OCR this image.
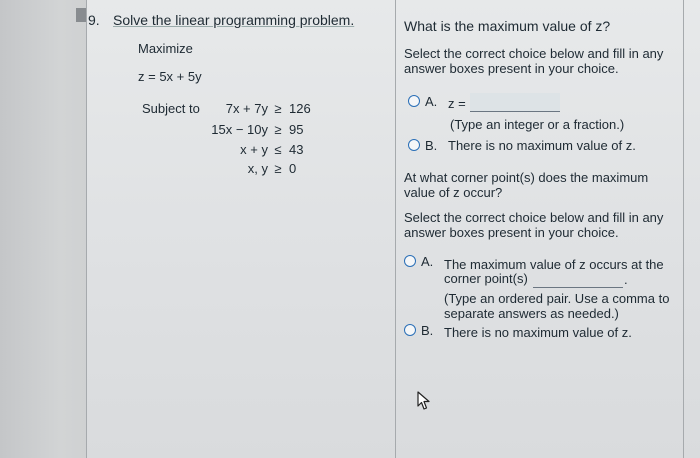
9. Solve the linear programming problem.
Maximize
z = 5x + 5y
Subject to	7x + 7y ≥ 126
15x − 10y ≥ 95
x + y ≤ 43
x, y ≥ 0
What is the maximum value of z?
Select the correct choice below and fill in any answer boxes present in your choice.
A. z =
(Type an integer or a fraction.)
B. There is no maximum value of z.
At what corner point(s) does the maximum value of z occur?
Select the correct choice below and fill in any answer boxes present in your choice.
A. The maximum value of z occurs at the
corner point(s)	.
(Type an ordered pair. Use a comma to separate answers as needed.)
B. There is no maximum value of z.
